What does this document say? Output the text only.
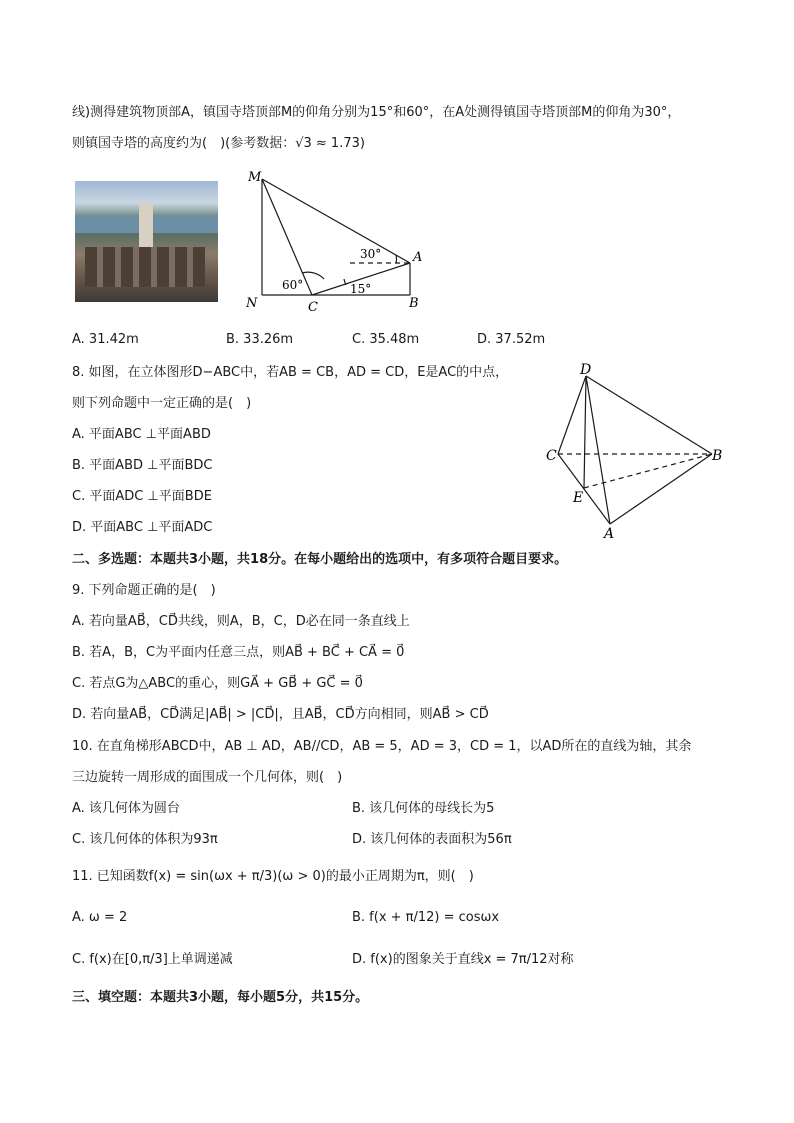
线)测得建筑物顶部A，镇国寺塔顶部M的仰角分别为15°和60°，在A处测得镇国寺塔顶部M的仰角为30°，
则镇国寺塔的高度约为(　)(参考数据：√3 ≈ 1.73)
M
N	C
A
B
60°
30°
15°
A. 31.42m	B. 33.26m	C. 35.48m	D. 37.52m
8. 如图，在立体图形D−ABC中，若AB = CB，AD = CD，E是AC的中点，
则下列命题中一定正确的是(　)
A. 平面ABC ⊥平面ABD
B. 平面ABD ⊥平面BDC
C. 平面ADC ⊥平面BDE
D. 平面ABC ⊥平面ADC
D
C	B
E
A
二、多选题：本题共3小题，共18分。在每小题给出的选项中，有多项符合题目要求。
9. 下列命题正确的是(　)
A. 若向量AB⃗，CD⃗共线，则A，B，C，D必在同一条直线上
B. 若A，B，C为平面内任意三点，则AB⃗ + BC⃗ + CA⃗ = 0⃗
C. 若点G为△ABC的重心，则GA⃗ + GB⃗ + GC⃗ = 0⃗
D. 若向量AB⃗，CD⃗满足|AB⃗| > |CD⃗|，且AB⃗，CD⃗方向相同，则AB⃗ > CD⃗
10. 在直角梯形ABCD中，AB ⊥ AD，AB//CD，AB = 5，AD = 3，CD = 1，以AD所在的直线为轴，其余
三边旋转一周形成的面围成一个几何体，则(　)
A. 该几何体为圆台	B. 该几何体的母线长为5
C. 该几何体的体积为93π	D. 该几何体的表面积为56π
11. 已知函数f(x) = sin(ωx + π/3)(ω > 0)的最小正周期为π，则(　)
A. ω = 2	B. f(x + π/12) = cosωx
C. f(x)在[0,π/3]上单调递减	D. f(x)的图象关于直线x = 7π/12对称
三、填空题：本题共3小题，每小题5分，共15分。
